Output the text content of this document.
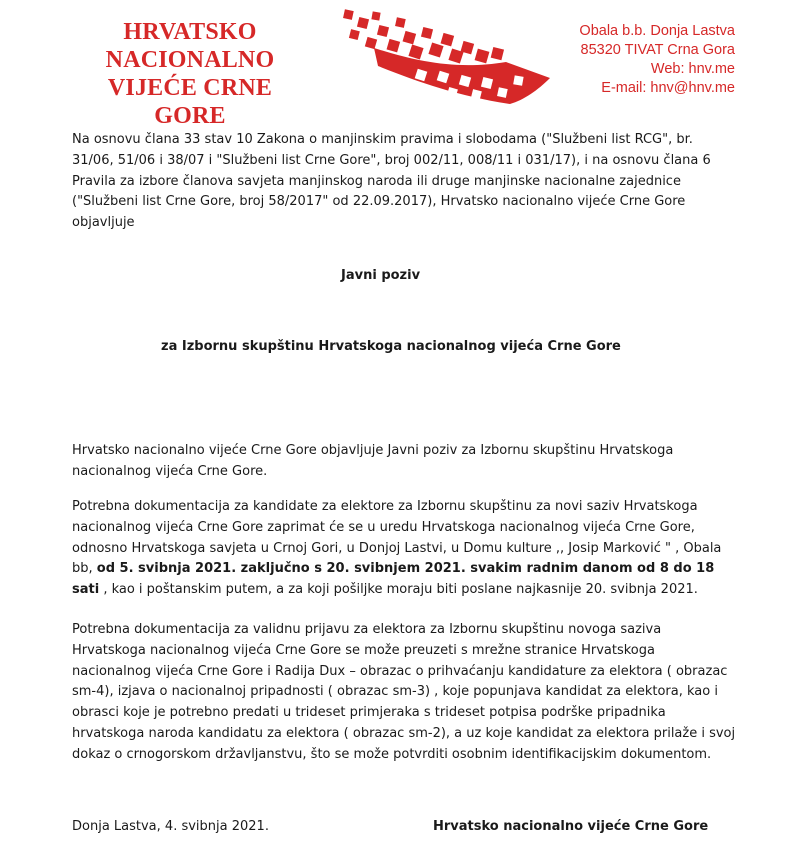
HRVATSKO
NACIONALNO
VIJEĆE CRNE GORE
Obala b.b. Donja Lastva
85320 TIVAT Crna Gora
Web: hnv.me
E-mail: hnv@hnv.me

Na osnovu člana 33 stav 10 Zakona o manjinskim pravima i slobodama ("Službeni list RCG", br. 31/06, 51/06 i 38/07 i "Službeni list Crne Gore", broj 002/11, 008/11 i 031/17), i na osnovu člana 6 Pravila za izbore članova savjeta manjinskog naroda ili druge manjinske nacionalne zajednice ("Službeni list Crne Gore, broj 58/2017" od 22.09.2017), Hrvatsko nacionalno vijeće Crne Gore objavljuje

Javni poziv

za Izbornu skupštinu Hrvatskoga nacionalnog vijeća Crne Gore

Hrvatsko nacionalno vijeće Crne Gore objavljuje Javni poziv za Izbornu skupštinu Hrvatskoga nacionalnog vijeća Crne Gore.

Potrebna dokumentacija za kandidate za elektore za Izbornu skupštinu za novi saziv Hrvatskoga nacionalnog vijeća Crne Gore zaprimat će se u uredu Hrvatskoga nacionalnog vijeća Crne Gore, odnosno Hrvatskoga savjeta u Crnoj Gori, u Donjoj Lastvi, u Domu kulture ,, Josip Marković " , Obala bb, od 5. svibnja 2021. zaključno s 20. svibnjem 2021. svakim radnim danom od 8 do 18 sati , kao i poštanskim putem, a za koji pošiljke moraju biti poslane najkasnije 20. svibnja 2021.

Potrebna dokumentacija za validnu prijavu za elektora za Izbornu skupštinu novoga saziva Hrvatskoga nacionalnog vijeća Crne Gore se može preuzeti s mrežne stranice Hrvatskoga nacionalnog vijeća Crne Gore i Radija Dux – obrazac o prihvaćanju kandidature za elektora ( obrazac sm-4), izjava o nacionalnoj pripadnosti ( obrazac sm-3) , koje popunjava kandidat za elektora, kao i obrasci koje je potrebno predati u trideset primjeraka s trideset potpisa podrške pripadnika hrvatskoga naroda kandidatu za elektora ( obrazac sm-2), a uz koje kandidat za elektora prilaže i svoj dokaz o crnogorskom državljanstvu, što se može potvrditi osobnim identifikacijskim dokumentom.

Donja Lastva, 4. svibnja 2021.	Hrvatsko nacionalno vijeće Crne Gore
